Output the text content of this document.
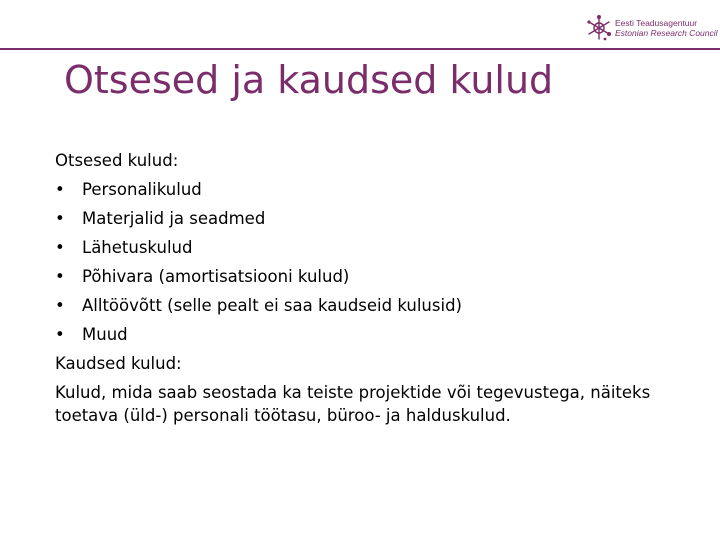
Eesti Teadusagentuur
Estonian Research Council
Otsesed ja kaudsed kulud
Otsesed kulud:
•	Personalikulud
•	Materjalid ja seadmed
•	Lähetuskulud
•	Põhivara (amortisatsiooni kulud)
•	Alltöövõtt (selle pealt ei saa kaudseid kulusid)
•	Muud
Kaudsed kulud:
Kulud, mida saab seostada ka teiste projektide või tegevustega, näiteks toetava (üld-) personali töötasu, büroo- ja halduskulud.
